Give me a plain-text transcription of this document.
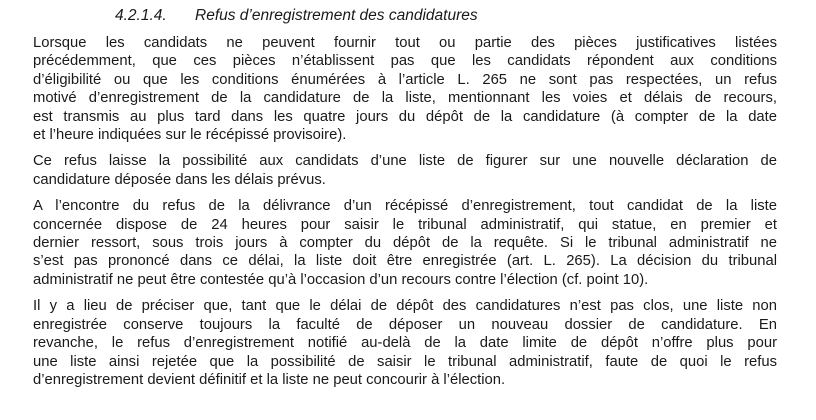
4.2.1.4. Refus d’enregistrement des candidatures

Lorsque les candidats ne peuvent fournir tout ou partie des pièces justificatives listées
précédemment, que ces pièces n’établissent pas que les candidats répondent aux conditions
d’éligibilité ou que les conditions énumérées à l’article L. 265 ne sont pas respectées, un refus
motivé d’enregistrement de la candidature de la liste, mentionnant les voies et délais de recours,
est transmis au plus tard dans les quatre jours du dépôt de la candidature (à compter de la date
et l’heure indiquées sur le récépissé provisoire).

Ce refus laisse la possibilité aux candidats d’une liste de figurer sur une nouvelle déclaration de
candidature déposée dans les délais prévus.

A l’encontre du refus de la délivrance d’un récépissé d’enregistrement, tout candidat de la liste
concernée dispose de 24 heures pour saisir le tribunal administratif, qui statue, en premier et
dernier ressort, sous trois jours à compter du dépôt de la requête. Si le tribunal administratif ne
s’est pas prononcé dans ce délai, la liste doit être enregistrée (art. L. 265). La décision du tribunal
administratif ne peut être contestée qu’à l’occasion d’un recours contre l’élection (cf. point 10).

Il y a lieu de préciser que, tant que le délai de dépôt des candidatures n’est pas clos, une liste non
enregistrée conserve toujours la faculté de déposer un nouveau dossier de candidature. En
revanche, le refus d’enregistrement notifié au-delà de la date limite de dépôt n’offre plus pour
une liste ainsi rejetée que la possibilité de saisir le tribunal administratif, faute de quoi le refus
d’enregistrement devient définitif et la liste ne peut concourir à l’élection.
